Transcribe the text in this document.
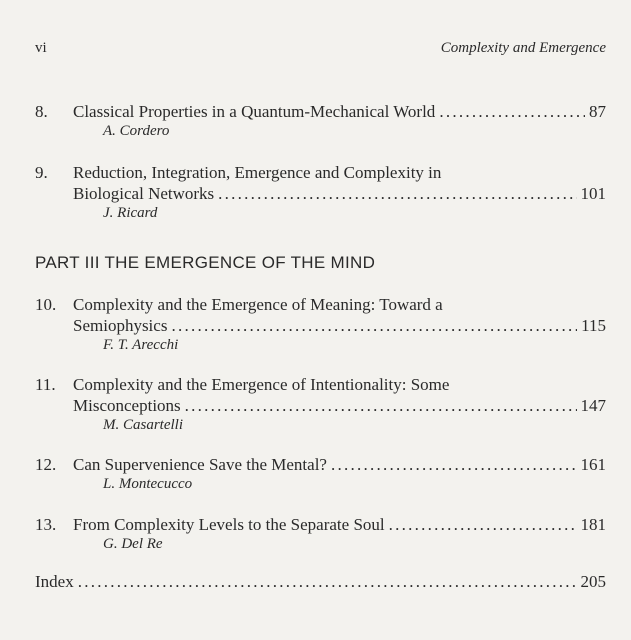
vi	Complexity and Emergence
8. Classical Properties in a Quantum-Mechanical World . . .	87
A. Cordero
9. Reduction, Integration, Emergence and Complexity in
Biological Networks . . .	101
J. Ricard
PART III THE EMERGENCE OF THE MIND
10. Complexity and the Emergence of Meaning: Toward a
Semiophysics . . .	115
F. T. Arecchi
11. Complexity and the Emergence of Intentionality: Some
Misconceptions . . .	147
M. Casartelli
12. Can Supervenience Save the Mental? . . .	161
L. Montecucco
13. From Complexity Levels to the Separate Soul . . .	181
G. Del Re
Index . . .	205
